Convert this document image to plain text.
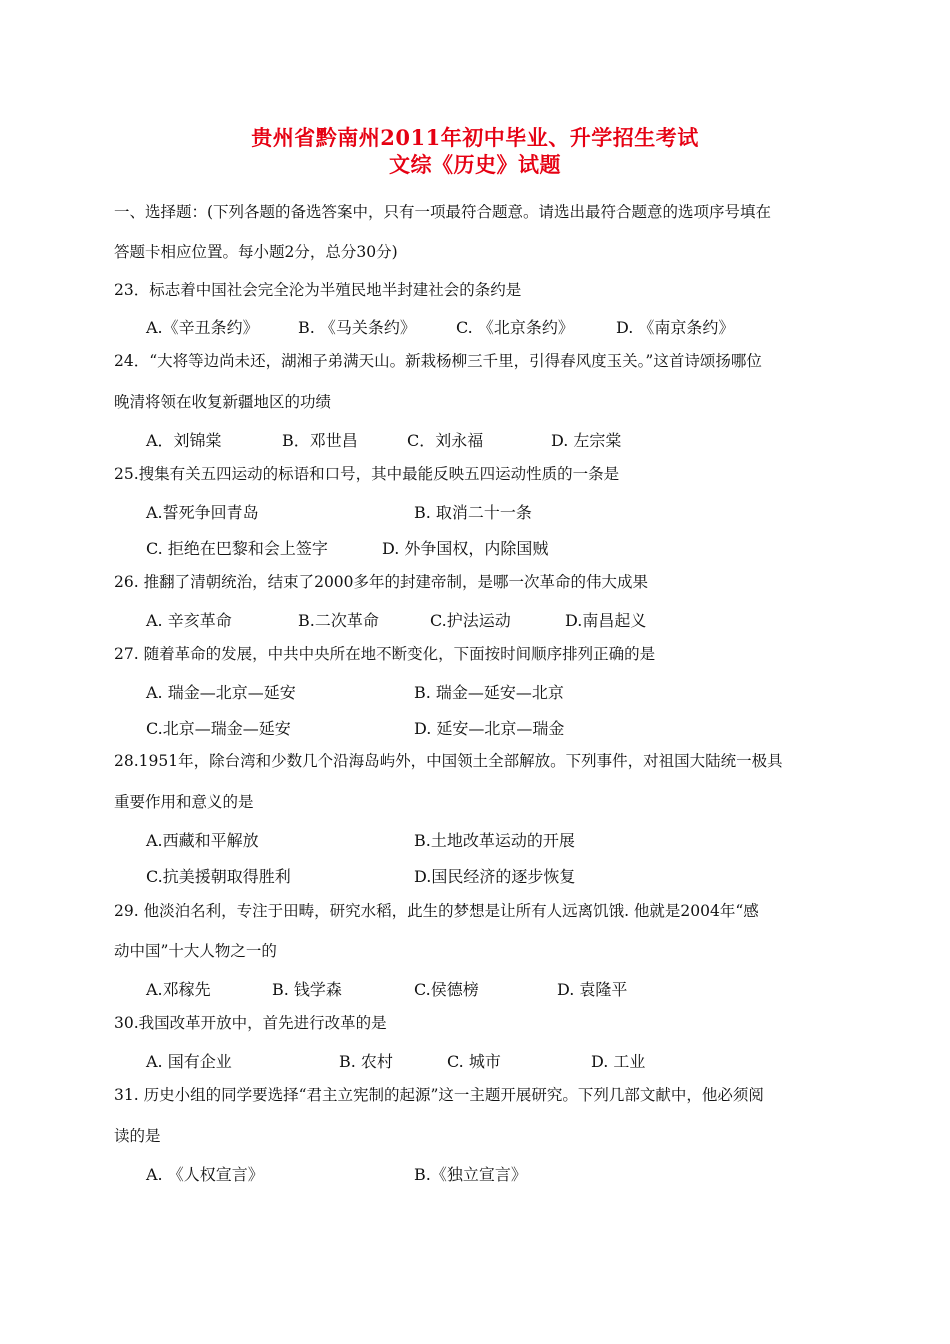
贵州省黔南州2011年初中毕业、升学招生考试
文综《历史》试题
一、选择题：(下列各题的备选答案中，只有一项最符合题意。请选出最符合题意的选项序号填在
答题卡相应位置。每小题2分，总分30分)
23．标志着中国社会完全沦为半殖民地半封建社会的条约是
A.《辛丑条约》 B. 《马关条约》	C. 《北京条约》	D. 《南京条约》
24．“大将等边尚未还，湖湘子弟满天山。新栽杨柳三千里，引得春风度玉关。”这首诗颂扬哪位
晚清将领在收复新疆地区的功绩
A．刘锦棠	B．邓世昌	C．刘永福	D. 左宗棠
25.搜集有关五四运动的标语和口号，其中最能反映五四运动性质的一条是
A.誓死争回青岛	B. 取消二十一条
C. 拒绝在巴黎和会上签字	D. 外争国权，内除国贼
26. 推翻了清朝统治，结束了2000多年的封建帝制，是哪一次革命的伟大成果
A. 辛亥革命	B.二次革命	C.护法运动	D.南昌起义
27. 随着革命的发展，中共中央所在地不断变化，下面按时间顺序排列正确的是
A. 瑞金—北京—延安	B. 瑞金—延安—北京
C.北京—瑞金—延安	D. 延安—北京—瑞金
28.1951年，除台湾和少数几个沿海岛屿外，中国领土全部解放。下列事件，对祖国大陆统一极具
重要作用和意义的是
A.西藏和平解放	B.土地改革运动的开展
C.抗美援朝取得胜利	D.国民经济的逐步恢复
29. 他淡泊名利，专注于田畴，研究水稻，此生的梦想是让所有人远离饥饿. 他就是2004年“感
动中国”十大人物之一的
A.邓稼先	B. 钱学森	C.侯德榜	D. 袁隆平
30.我国改革开放中，首先进行改革的是
A. 国有企业	B. 农村	C. 城市	D. 工业
31. 历史小组的同学要选择“君主立宪制的起源”这一主题开展研究。下列几部文献中，他必须阅
读的是
A. 《人权宣言》	B.《独立宣言》
